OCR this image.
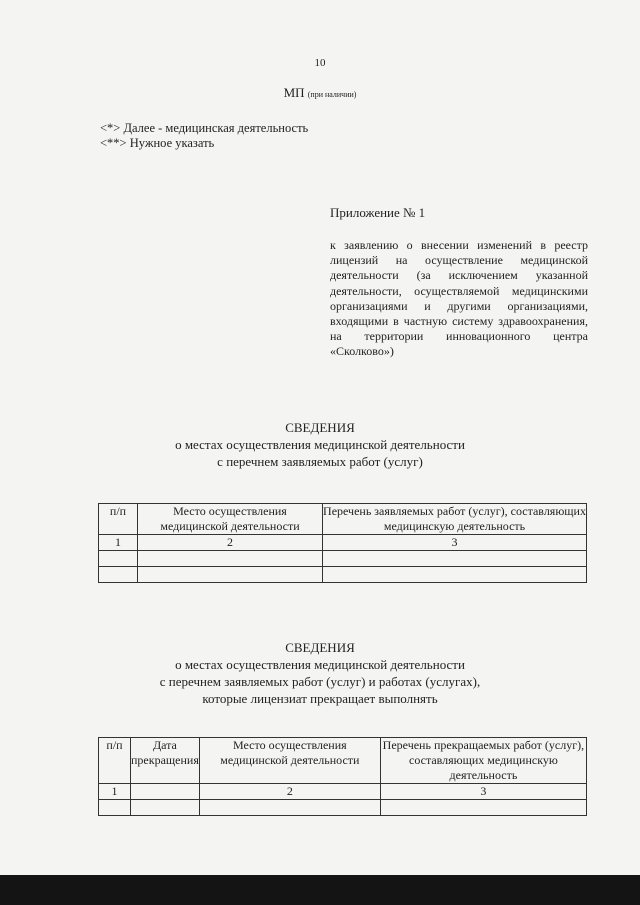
10
МП (при наличии)
<*> Далее - медицинская деятельность
<**> Нужное указать
Приложение № 1
к заявлению о внесении изменений в реестр лицензий на осуществление медицинской деятельности (за исключением указанной деятельности, осуществляемой медицинскими организациями и другими организациями, входящими в частную систему здравоохранения, на территории инновационного центра «Сколково»)
СВЕДЕНИЯ
о местах осуществления медицинской деятельности
с перечнем заявляемых работ (услуг)
п/п	Место осуществления медицинской деятельности	Перечень заявляемых работ (услуг), составляющих медицинскую деятельность
1	2	3

СВЕДЕНИЯ
о местах осуществления медицинской деятельности
с перечнем заявляемых работ (услуг) и работах (услугах),
которые лицензиат прекращает выполнять
п/п	Дата прекращения	Место осуществления медицинской деятельности	Перечень прекращаемых работ (услуг), составляющих медицинскую деятельность
1		2	3
